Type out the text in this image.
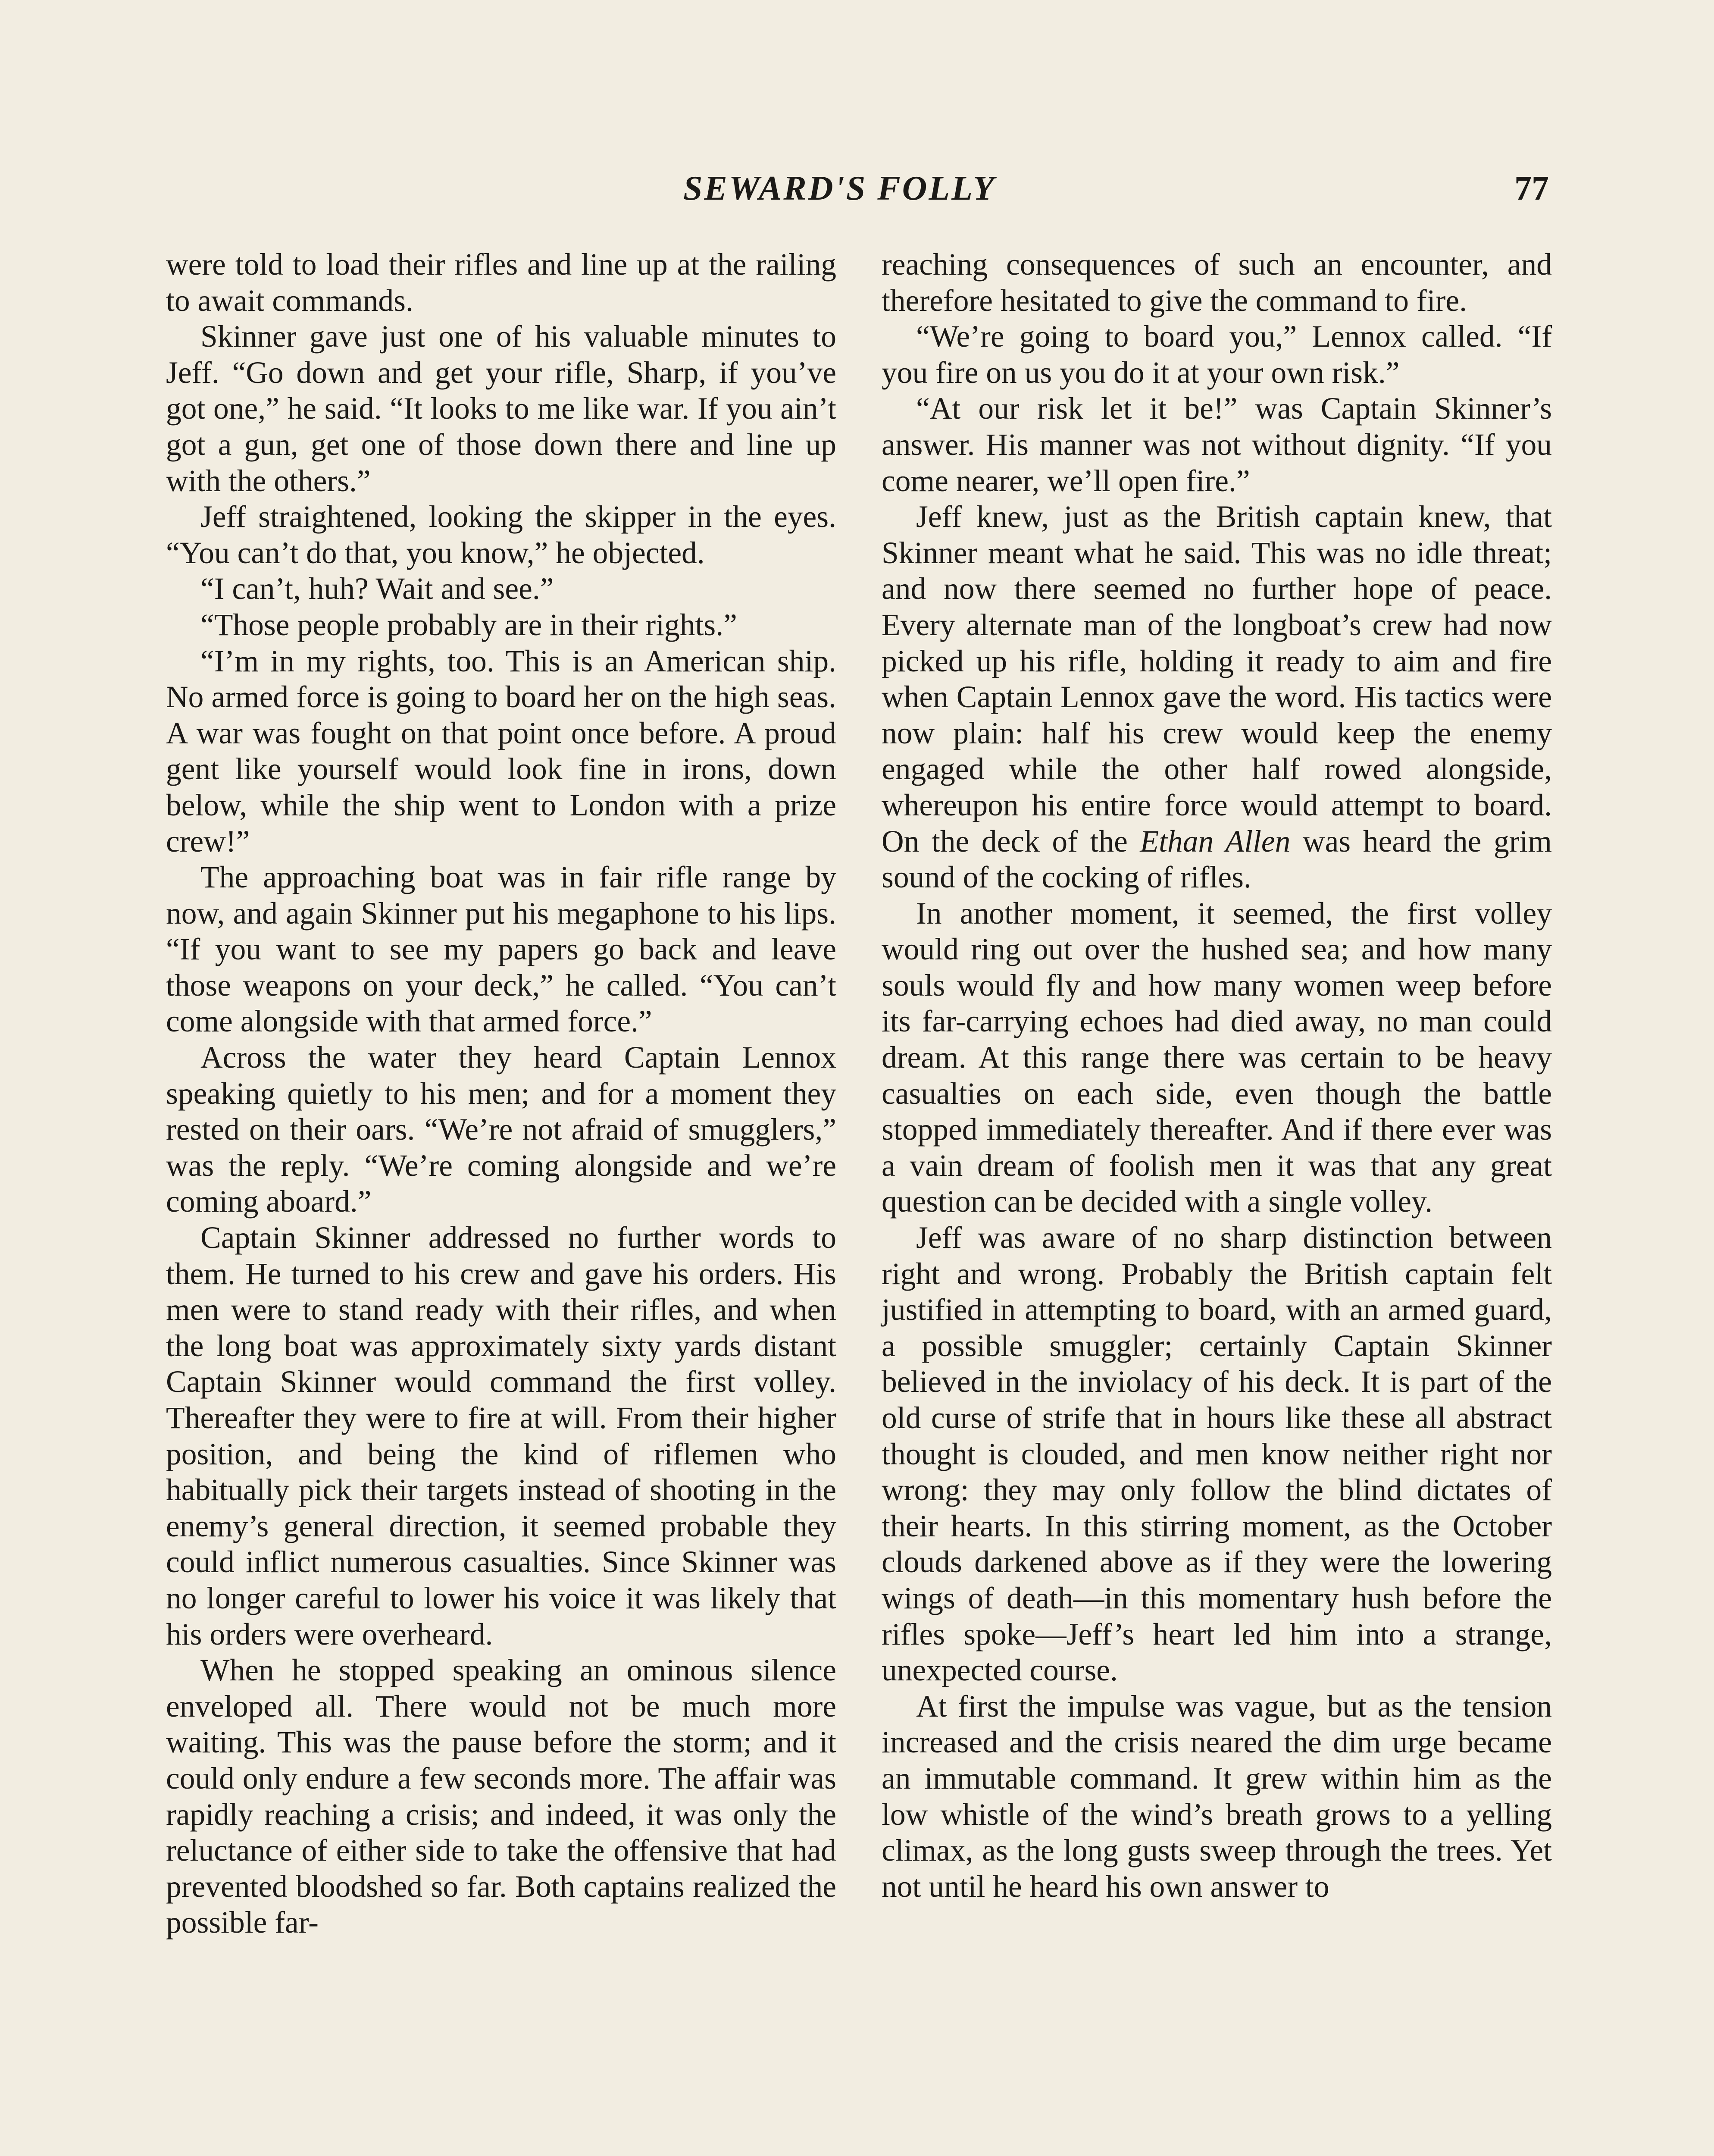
SEWARD'S FOLLY	77

were told to load their rifles and line up at the railing to await commands.

Skinner gave just one of his valuable minutes to Jeff. “Go down and get your rifle, Sharp, if you’ve got one,” he said. “It looks to me like war. If you ain’t got a gun, get one of those down there and line up with the others.”

Jeff straightened, looking the skipper in the eyes. “You can’t do that, you know,” he objected.

“I can’t, huh? Wait and see.”

“Those people probably are in their rights.”

“I’m in my rights, too. This is an American ship. No armed force is going to board her on the high seas. A war was fought on that point once before. A proud gent like yourself would look fine in irons, down below, while the ship went to London with a prize crew!”

The approaching boat was in fair rifle range by now, and again Skinner put his megaphone to his lips. “If you want to see my papers go back and leave those weapons on your deck,” he called. “You can’t come alongside with that armed force.”

Across the water they heard Captain Lennox speaking quietly to his men; and for a moment they rested on their oars. “We’re not afraid of smugglers,” was the reply. “We’re coming alongside and we’re coming aboard.”

Captain Skinner addressed no further words to them. He turned to his crew and gave his orders. His men were to stand ready with their rifles, and when the long boat was approximately sixty yards distant Captain Skinner would command the first volley. Thereafter they were to fire at will. From their higher position, and being the kind of riflemen who habitually pick their targets instead of shooting in the enemy’s general direction, it seemed probable they could inflict numerous casualties. Since Skinner was no longer careful to lower his voice it was likely that his orders were overheard.

When he stopped speaking an ominous silence enveloped all. There would not be much more waiting. This was the pause before the storm; and it could only endure a few seconds more. The affair was rapidly reaching a crisis; and indeed, it was only the reluctance of either side to take the offensive that had prevented bloodshed so far. Both captains realized the possible far-

reaching consequences of such an encounter, and therefore hesitated to give the command to fire.

“We’re going to board you,” Lennox called. “If you fire on us you do it at your own risk.”

“At our risk let it be!” was Captain Skinner’s answer. His manner was not without dignity. “If you come nearer, we’ll open fire.”

Jeff knew, just as the British captain knew, that Skinner meant what he said. This was no idle threat; and now there seemed no further hope of peace. Every alternate man of the longboat’s crew had now picked up his rifle, holding it ready to aim and fire when Captain Lennox gave the word. His tactics were now plain: half his crew would keep the enemy engaged while the other half rowed alongside, whereupon his entire force would attempt to board. On the deck of the Ethan Allen was heard the grim sound of the cocking of rifles.

In another moment, it seemed, the first volley would ring out over the hushed sea; and how many souls would fly and how many women weep before its far-carrying echoes had died away, no man could dream. At this range there was certain to be heavy casualties on each side, even though the battle stopped immediately thereafter. And if there ever was a vain dream of foolish men it was that any great question can be decided with a single volley.

Jeff was aware of no sharp distinction between right and wrong. Probably the British captain felt justified in attempting to board, with an armed guard, a possible smuggler; certainly Captain Skinner believed in the inviolacy of his deck. It is part of the old curse of strife that in hours like these all abstract thought is clouded, and men know neither right nor wrong: they may only follow the blind dictates of their hearts. In this stirring moment, as the October clouds darkened above as if they were the lowering wings of death—in this momentary hush before the rifles spoke—Jeff’s heart led him into a strange, unexpected course.

At first the impulse was vague, but as the tension increased and the crisis neared the dim urge became an immutable command. It grew within him as the low whistle of the wind’s breath grows to a yelling climax, as the long gusts sweep through the trees. Yet not until he heard his own answer to
